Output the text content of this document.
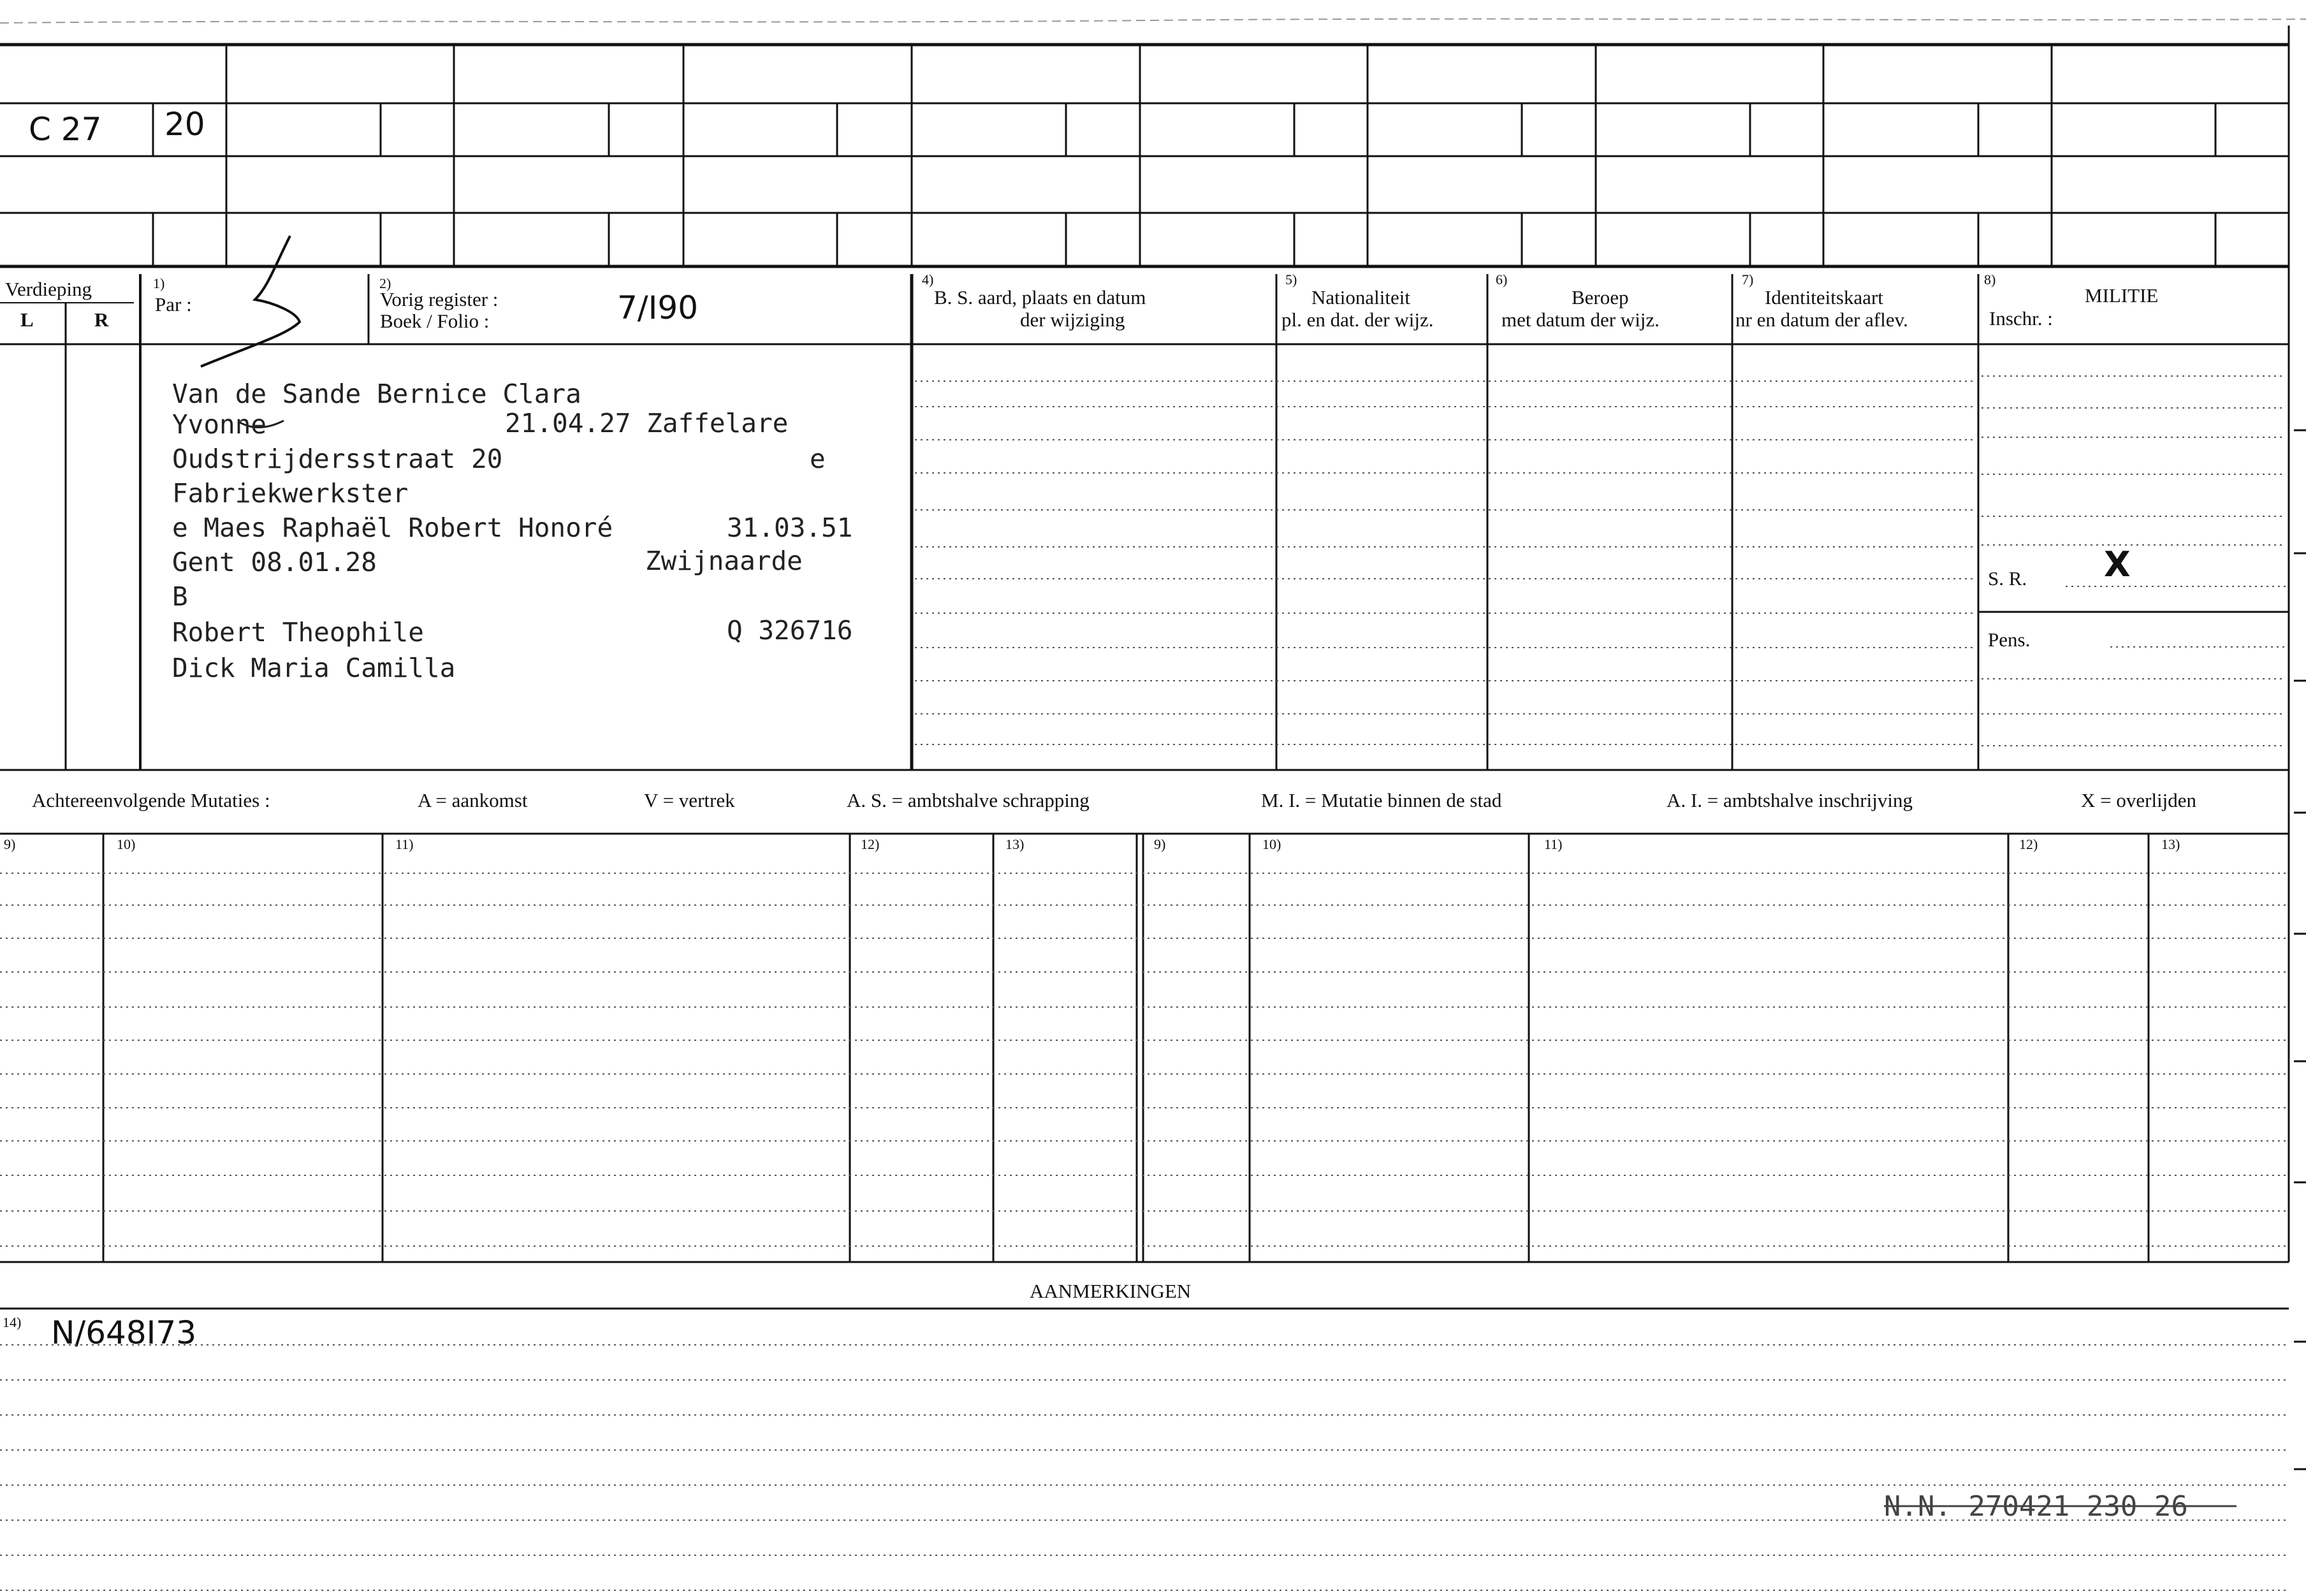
C 27 20
Verdieping
L	R
1)
Par :
2)
Vorig register :
Boek / Folio :	7/I90
4)
B. S. aard, plaats en datum
der wijziging
5)
Nationaliteit
pl. en dat. der wijz.
6)
Beroep
met datum der wijz.
7)
Identiteitskaart
nr en datum der aflev.
8)
MILITIE
Inschr. :
Van de Sande Bernice Clara
Yvonne	21.04.27 Zaffelare
Oudstrijdersstraat 20	e
Fabriekwerkster
e Maes Raphaël Robert Honoré	31.03.51
Gent 08.01.28	Zwijnaarde
B
Robert Theophile	Q 326716
Dick Maria Camilla
S. R. X
Pens.
Achtereenvolgende Mutaties :	A = aankomst	V = vertrek	A. S. = ambtshalve schrapping	M. I. = Mutatie binnen de stad	A. I. = ambtshalve inschrijving	X = overlijden
9)	10)	11)	12)	13)	9)	10)	11)	12)	13)
AANMERKINGEN
14) N/648I73
N.N. 270421 230 26
